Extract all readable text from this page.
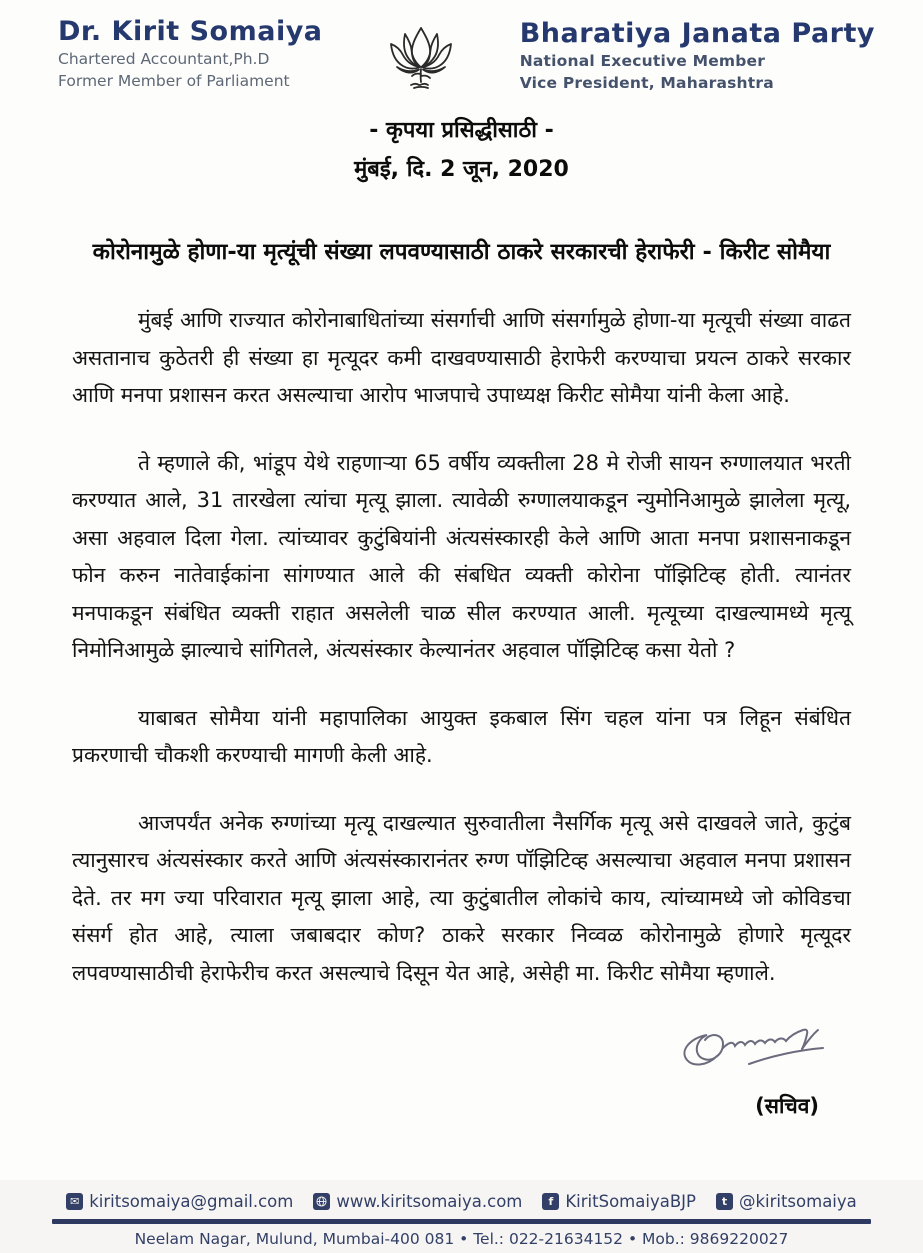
Dr. Kirit Somaiya
Chartered Accountant,Ph.D
Former Member of Parliament
Bharatiya Janata Party
National Executive Member
Vice President, Maharashtra
- कृपया प्रसिद्धीसाठी -
मुंबई, दि. 2 जून, 2020
कोरोनामुळे होणा-या मृत्यूंची संख्या लपवण्यासाठी ठाकरे सरकारची हेराफेरी - किरीट सोमैया

मुंबई आणि राज्यात कोरोनाबाधितांच्या संसर्गाची आणि संसर्गामुळे होणा-या मृत्यूची संख्या वाढत असतानाच कुठेतरी ही संख्या हा मृत्यूदर कमी दाखवण्यासाठी हेराफेरी करण्याचा प्रयत्न ठाकरे सरकार आणि मनपा प्रशासन करत असल्याचा आरोप भाजपाचे उपाध्यक्ष किरीट सोमैया यांनी केला आहे.

ते म्हणाले की, भांडूप येथे राहणाऱ्या 65 वर्षीय व्यक्तीला 28 मे रोजी सायन रुग्णालयात भरती करण्यात आले, 31 तारखेला त्यांचा मृत्यू झाला. त्यावेळी रुग्णालयाकडून न्युमोनिआमुळे झालेला मृत्यू, असा अहवाल दिला गेला. त्यांच्यावर कुटुंबियांनी अंत्यसंस्कारही केले आणि आता मनपा प्रशासनाकडून फोन करुन नातेवाईकांना सांगण्यात आले की संबधित व्यक्ती कोरोना पॉझिटिव्ह होती. त्यानंतर मनपाकडून संबंधित व्यक्ती राहात असलेली चाळ सील करण्यात आली. मृत्यूच्या दाखल्यामध्ये मृत्यू निमोनिआमुळे झाल्याचे सांगितले, अंत्यसंस्कार केल्यानंतर अहवाल पॉझिटिव्ह कसा येतो ?

याबाबत सोमैया यांनी महापालिका आयुक्त इकबाल सिंग चहल यांना पत्र लिहून संबंधित प्रकरणाची चौकशी करण्याची मागणी केली आहे.

आजपर्यंत अनेक रुग्णांच्या मृत्यू दाखल्यात सुरुवातीला नैसर्गिक मृत्यू असे दाखवले जाते, कुटुंब त्यानुसारच अंत्यसंस्कार करते आणि अंत्यसंस्कारानंतर रुग्ण पॉझिटिव्ह असल्याचा अहवाल मनपा प्रशासन देते. तर मग ज्या परिवारात मृत्यू झाला आहे, त्या कुटुंबातील लोकांचे काय, त्यांच्यामध्ये जो कोविडचा संसर्ग होत आहे, त्याला जबाबदार कोण? ठाकरे सरकार निव्वळ कोरोनामुळे होणारे मृत्यूदर लपवण्यासाठीची हेराफेरीच करत असल्याचे दिसून येत आहे, असेही मा. किरीट सोमैया म्हणाले.

(सचिव)
✉ kiritsomaiya@gmail.com	www.kiritsomaiya.com	f KiritSomaiyaBJP	t @kiritsomaiya
Neelam Nagar, Mulund, Mumbai-400 081 • Tel.: 022-21634152 • Mob.: 9869220027
